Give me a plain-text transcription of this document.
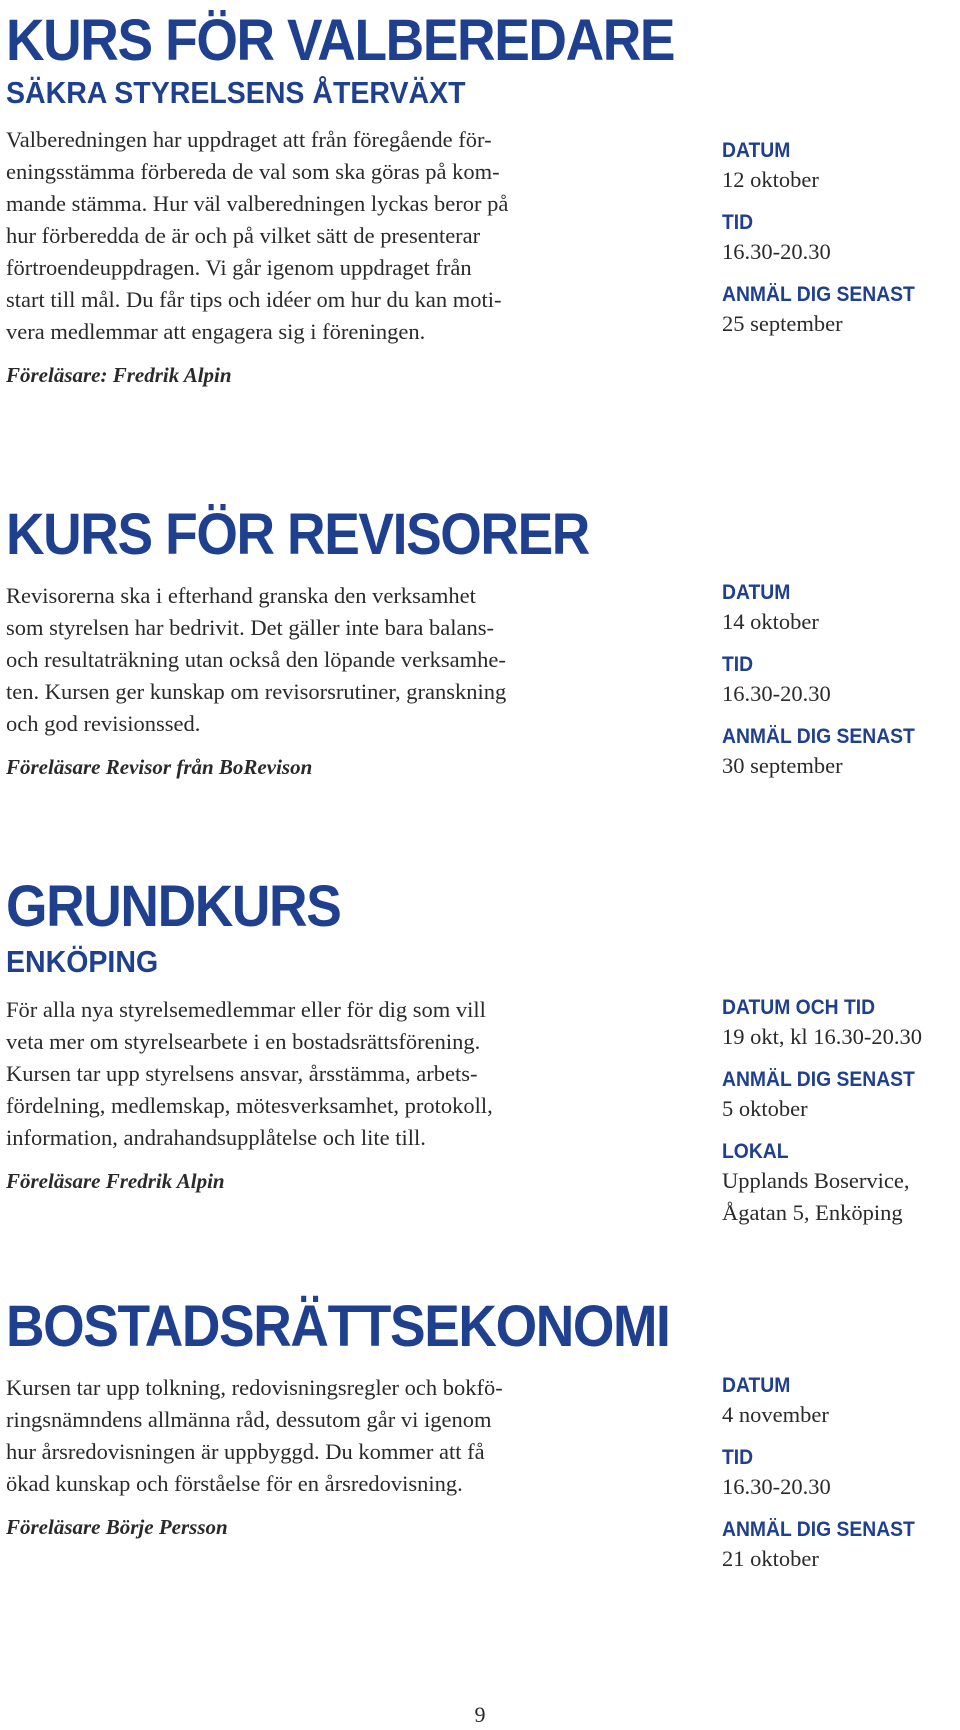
KURS FÖR VALBEREDARE
SÄKRA STYRELSENS ÅTERVÄXT
Valberedningen har uppdraget att från föregående för-
eningsstämma förbereda de val som ska göras på kom-
mande stämma. Hur väl valberedningen lyckas beror på
hur förberedda de är och på vilket sätt de presenterar
förtroendeuppdragen. Vi går igenom uppdraget från
start till mål. Du får tips och idéer om hur du kan moti-
vera medlemmar att engagera sig i föreningen.
Föreläsare: Fredrik Alpin
DATUM
12 oktober
TID
16.30-20.30
ANMÄL DIG SENAST
25 september
KURS FÖR REVISORER
Revisorerna ska i efterhand granska den verksamhet
som styrelsen har bedrivit. Det gäller inte bara balans-
och resultaträkning utan också den löpande verksamhe-
ten. Kursen ger kunskap om revisorsrutiner, granskning
och god revisionssed.
Föreläsare Revisor från BoRevison
DATUM
14 oktober
TID
16.30-20.30
ANMÄL DIG SENAST
30 september
GRUNDKURS
ENKÖPING
För alla nya styrelsemedlemmar eller för dig som vill
veta mer om styrelsearbete i en bostadsrättsförening.
Kursen tar upp styrelsens ansvar, årsstämma, arbets-
fördelning, medlemskap, mötesverksamhet, protokoll,
information, andrahandsupplåtelse och lite till.
Föreläsare Fredrik Alpin
DATUM OCH TID
19 okt, kl 16.30-20.30
ANMÄL DIG SENAST
5 oktober
LOKAL
Upplands Boservice,
Ågatan 5, Enköping
BOSTADSRÄTTSEKONOMI
Kursen tar upp tolkning, redovisningsregler och bokfö-
ringsnämndens allmänna råd, dessutom går vi igenom
hur årsredovisningen är uppbyggd. Du kommer att få
ökad kunskap och förståelse för en årsredovisning.
Föreläsare Börje Persson
DATUM
4 november
TID
16.30-20.30
ANMÄL DIG SENAST
21 oktober
9
